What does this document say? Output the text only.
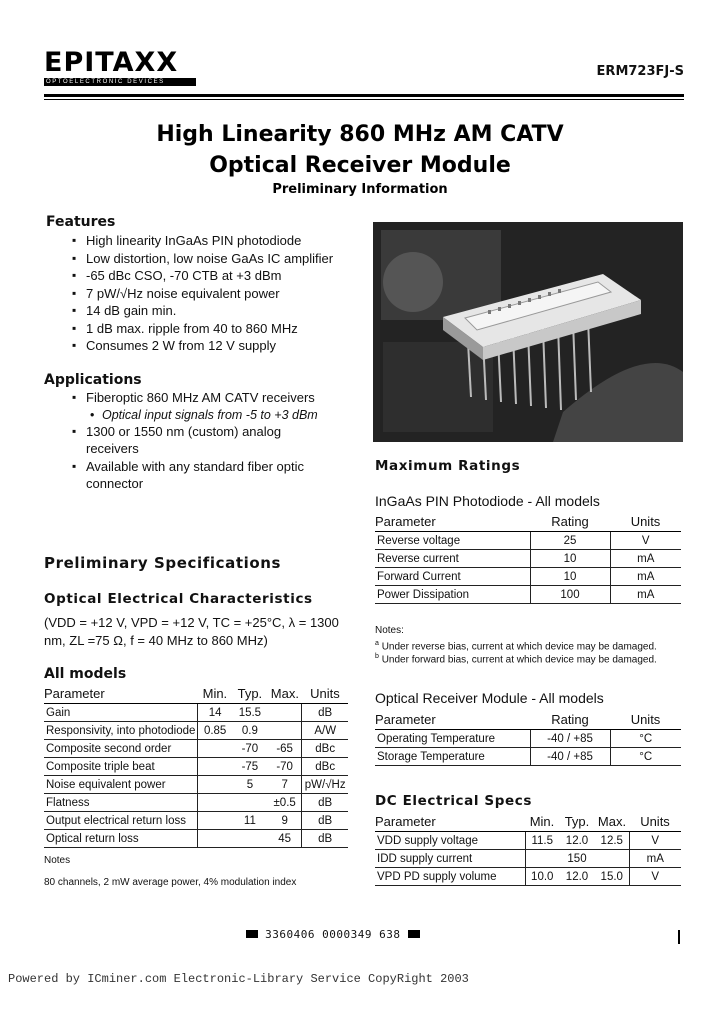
EPITAXX
OPTOELECTRONIC DEVICES
ERM723FJ-S
High Linearity 860 MHz AM CATV
Optical Receiver Module
Preliminary Information
Features
▪ High linearity InGaAs PIN photodiode
▪ Low distortion, low noise GaAs IC amplifier
▪ -65 dBc CSO, -70 CTB at +3 dBm
▪ 7 pW/√Hz noise equivalent power
▪ 14 dB gain min.
▪ 1 dB max. ripple from 40 to 860 MHz
▪ Consumes 2 W from 12 V supply
Applications
▪ Fiberoptic 860 MHz AM CATV receivers
• Optical input signals from -5 to +3 dBm
▪ 1300 or 1550 nm (custom) analog receivers
▪ Available with any standard fiber optic connector
Preliminary Specifications
Optical Electrical Characteristics
(VDD = +12 V, VPD = +12 V, TC = +25°C, λ = 1300 nm, ZL =75 Ω, f = 40 MHz to 860 MHz)
All models
Parameter	Min.	Typ.	Max.	Units
Gain	14	15.5		dB
Responsivity, into photodiode	0.85	0.9		A/W
Composite second order		-70	-65	dBc
Composite triple beat		-75	-70	dBc
Noise equivalent power		5	7	pW/√Hz
Flatness			±0.5	dB
Output electrical return loss		11	9	dB
Optical return loss			45	dB
Notes
80 channels, 2 mW average power, 4% modulation index
Maximum Ratings
InGaAs PIN Photodiode - All models
Parameter	Rating	Units
Reverse voltage	25	V
Reverse current	10	mA
Forward Current	10	mA
Power Dissipation	100	mA
Notes:
$^a$ Under reverse bias, current at which device may be damaged.
$^b$ Under forward bias, current at which device may be damaged.
Optical Receiver Module - All models
Parameter	Rating	Units
Operating Temperature	-40 / +85	°C
Storage Temperature	-40 / +85	°C
DC Electrical Specs
Parameter	Min.	Typ.	Max.	Units
VDD supply voltage	11.5	12.0	12.5	V
IDD supply current		150		mA
VPD PD supply volume	10.0	12.0	15.0	V
3360406 0000349 638
Powered by ICminer.com Electronic-Library Service CopyRight 2003
